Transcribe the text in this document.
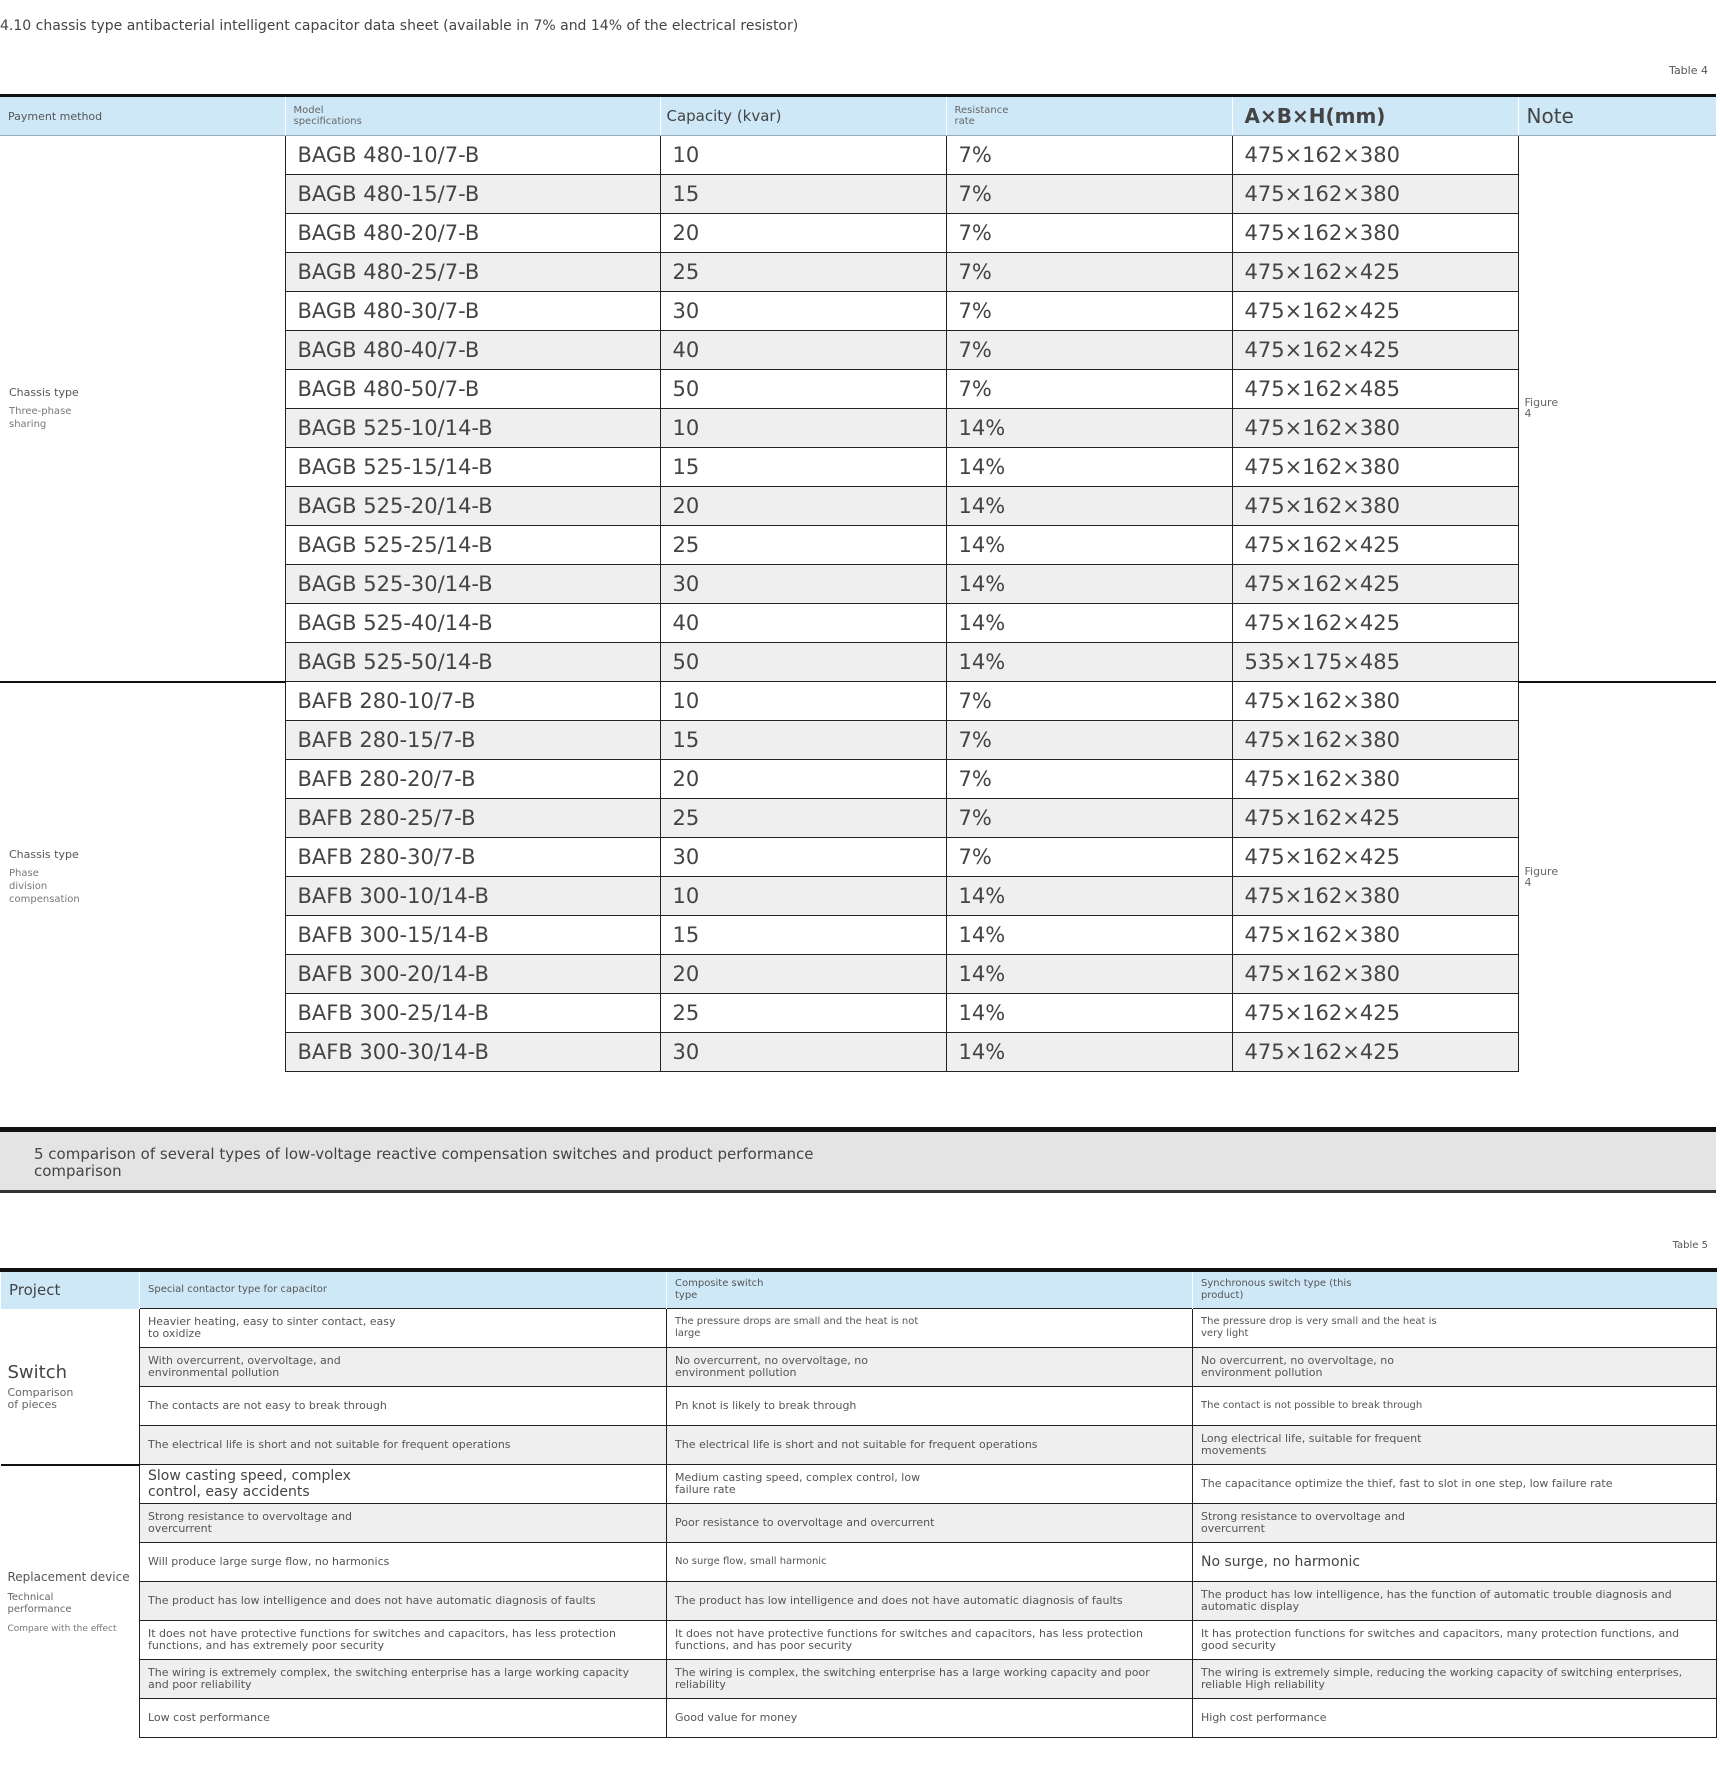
4.10 chassis type antibacterial intelligent capacitor data sheet (available in 7% and 14% of the electrical resistor)
Table 4
Payment method	Model specifications	Capacity (kvar)	Resistance rate	A×B×H(mm)	Note

Chassis type
Three-phase sharing	BAGB 480-10/7-B	10	7%	475×162×380	Figure 4

	BAGB 480-15/7-B	15	7%	475×162×380	
	BAGB 480-20/7-B	20	7%	475×162×380	
	BAGB 480-25/7-B	25	7%	475×162×425	
	BAGB 480-30/7-B	30	7%	475×162×425	
	BAGB 480-40/7-B	40	7%	475×162×425	
	BAGB 480-50/7-B	50	7%	475×162×485	
	BAGB 525-10/14-B	10	14%	475×162×380	
	BAGB 525-15/14-B	15	14%	475×162×380	
	BAGB 525-20/14-B	20	14%	475×162×380	
	BAGB 525-25/14-B	25	14%	475×162×425	
	BAGB 525-30/14-B	30	14%	475×162×425	
	BAGB 525-40/14-B	40	14%	475×162×425	
	BAGB 525-50/14-B	50	14%	535×175×485	

Chassis type
Phase division compensation	BAFB 280-10/7-B	10	7%	475×162×380	Figure 4

	BAFB 280-15/7-B	15	7%	475×162×380	
	BAFB 280-20/7-B	20	7%	475×162×380	
	BAFB 280-25/7-B	25	7%	475×162×425	
	BAFB 280-30/7-B	30	7%	475×162×425	
	BAFB 300-10/14-B	10	14%	475×162×380	
	BAFB 300-15/14-B	15	14%	475×162×380	
	BAFB 300-20/14-B	20	14%	475×162×380	
	BAFB 300-25/14-B	25	14%	475×162×425	
	BAFB 300-30/14-B	30	14%	475×162×425	
5 comparison of several types of low-voltage reactive compensation switches and product performance comparison
Table 5
Project	Special contactor type for capacitor	Composite switch type	Synchronous switch type (this product)

Switch
Comparison of pieces	Heavier heating, easy to sinter contact, easy to oxidize	The pressure drops are small and the heat is not large	The pressure drop is very small and the heat is very light

	With overcurrent, overvoltage, and environmental pollution	No overcurrent, no overvoltage, no environment pollution	No overcurrent, no overvoltage, no environment pollution

	The contacts are not easy to break through	Pn knot is likely to break through	The contact is not possible to break through

	The electrical life is short and not suitable for frequent operations	The electrical life is short and not suitable for frequent operations	Long electrical life, suitable for frequent movements

Replacement device
Technical performance
Compare with the effect	Slow casting speed, complex control, easy accidents	Medium casting speed, complex control, low failure rate	The capacitance optimize the thief, fast to slot in one step, low failure rate

	Strong resistance to overvoltage and overcurrent	Poor resistance to overvoltage and overcurrent	Strong resistance to overvoltage and overcurrent

	Will produce large surge flow, no harmonics	No surge flow, small harmonic	No surge, no harmonic

	The product has low intelligence and does not have automatic diagnosis of faults	The product has low intelligence and does not have automatic diagnosis of faults	The product has low intelligence, has the function of automatic trouble diagnosis and automatic display

	It does not have protective functions for switches and capacitors, has less protection functions, and has extremely poor security	It does not have protective functions for switches and capacitors, has less protection functions, and has poor security	It has protection functions for switches and capacitors, many protection functions, and good security

	The wiring is extremely complex, the switching enterprise has a large working capacity and poor reliability	The wiring is complex, the switching enterprise has a large working capacity and poor reliability	The wiring is extremely simple, reducing the working capacity of switching enterprises, reliable High reliability

	Low cost performance	Good value for money	High cost performance
